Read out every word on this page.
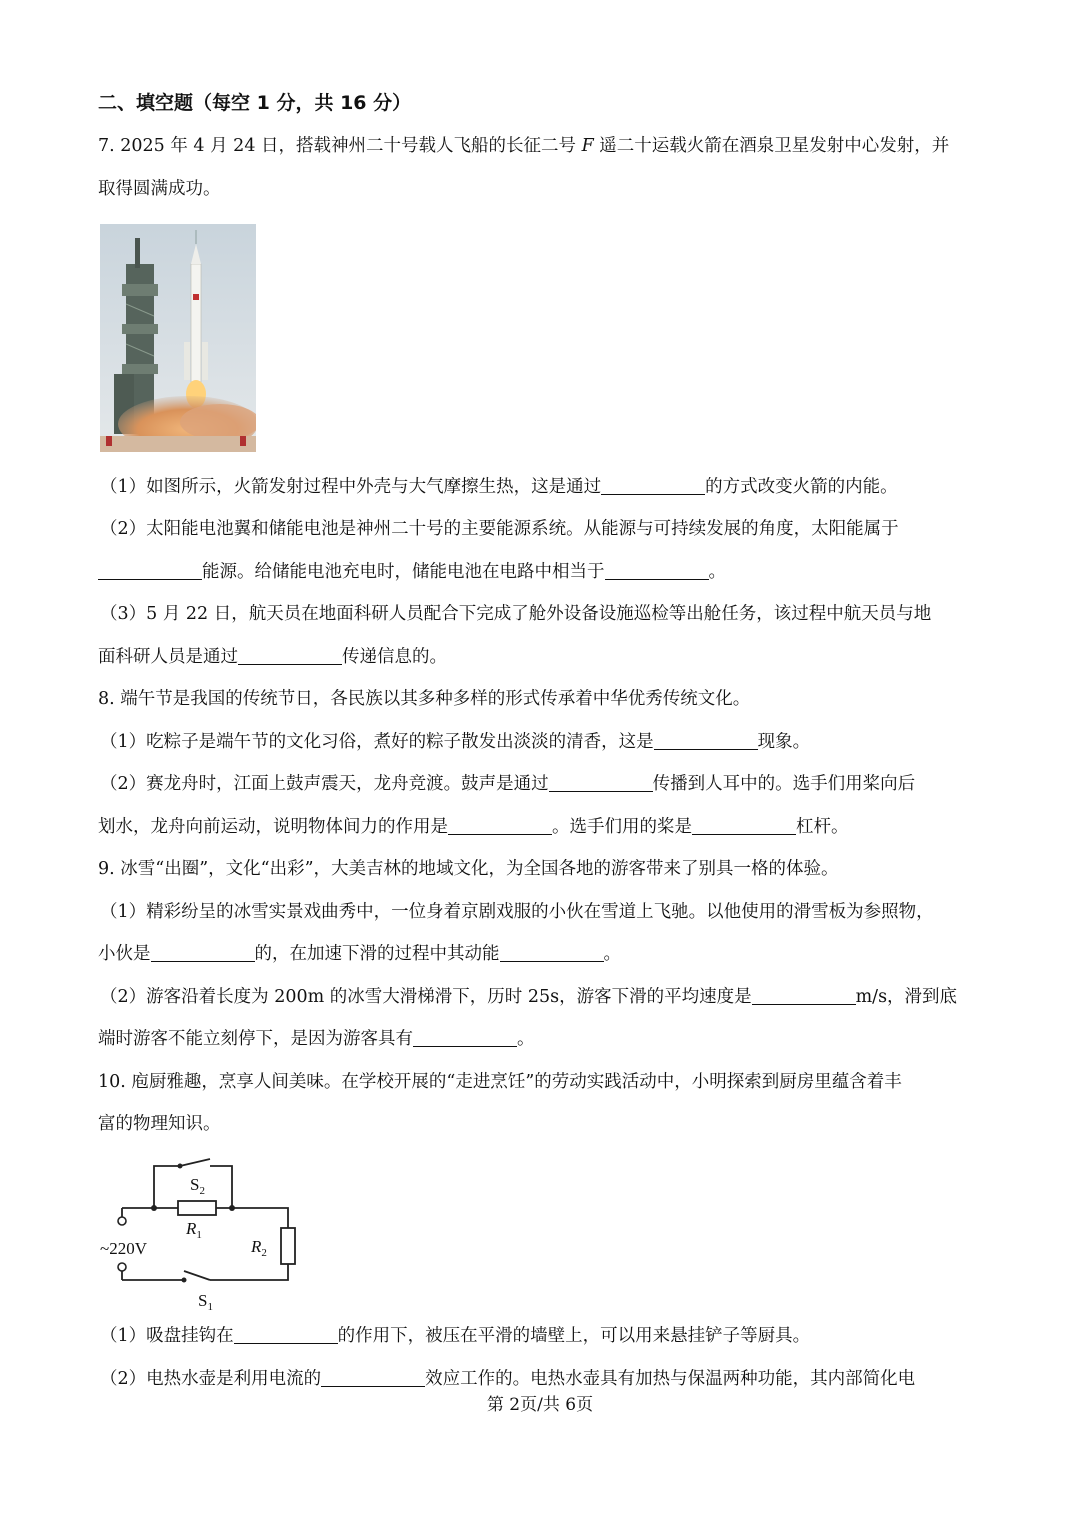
二、填空题（每空 1 分，共 16 分）
7. 2025 年 4 月 24 日，搭载神州二十号载人飞船的长征二号 F 遥二十运载火箭在酒泉卫星发射中心发射，并
取得圆满成功。
（1）如图所示，火箭发射过程中外壳与大气摩擦生热，这是通过	的方式改变火箭的内能。
（2）太阳能电池翼和储能电池是神州二十号的主要能源系统。从能源与可持续发展的角度，太阳能属于
能源。给储能电池充电时，储能电池在电路中相当于	。
（3）5 月 22 日，航天员在地面科研人员配合下完成了舱外设备设施巡检等出舱任务，该过程中航天员与地
面科研人员是通过	传递信息的。
8. 端午节是我国的传统节日，各民族以其多种多样的形式传承着中华优秀传统文化。
（1）吃粽子是端午节的文化习俗，煮好的粽子散发出淡淡的清香，这是	现象。
（2）赛龙舟时，江面上鼓声震天，龙舟竞渡。鼓声是通过	传播到人耳中的。选手们用桨向后
划水，龙舟向前运动，说明物体间力的作用是	。选手们用的桨是	杠杆。
9. 冰雪“出圈”，文化“出彩”，大美吉林的地域文化，为全国各地的游客带来了别具一格的体验。
（1）精彩纷呈的冰雪实景戏曲秀中，一位身着京剧戏服的小伙在雪道上飞驰。以他使用的滑雪板为参照物，
小伙是	的，在加速下滑的过程中其动能	。
（2）游客沿着长度为 200m 的冰雪大滑梯滑下，历时 25s，游客下滑的平均速度是	m/s，滑到底
端时游客不能立刻停下，是因为游客具有	。
10. 庖厨雅趣，烹享人间美味。在学校开展的“走进烹饪”的劳动实践活动中，小明探索到厨房里蕴含着丰
富的物理知识。
$S_2$
$R_1$
$R_2$
~220V
$S_1$
（1）吸盘挂钩在	的作用下，被压在平滑的墙壁上，可以用来悬挂铲子等厨具。
（2）电热水壶是利用电流的	效应工作的。电热水壶具有加热与保温两种功能，其内部简化电
第 2页/共 6页
